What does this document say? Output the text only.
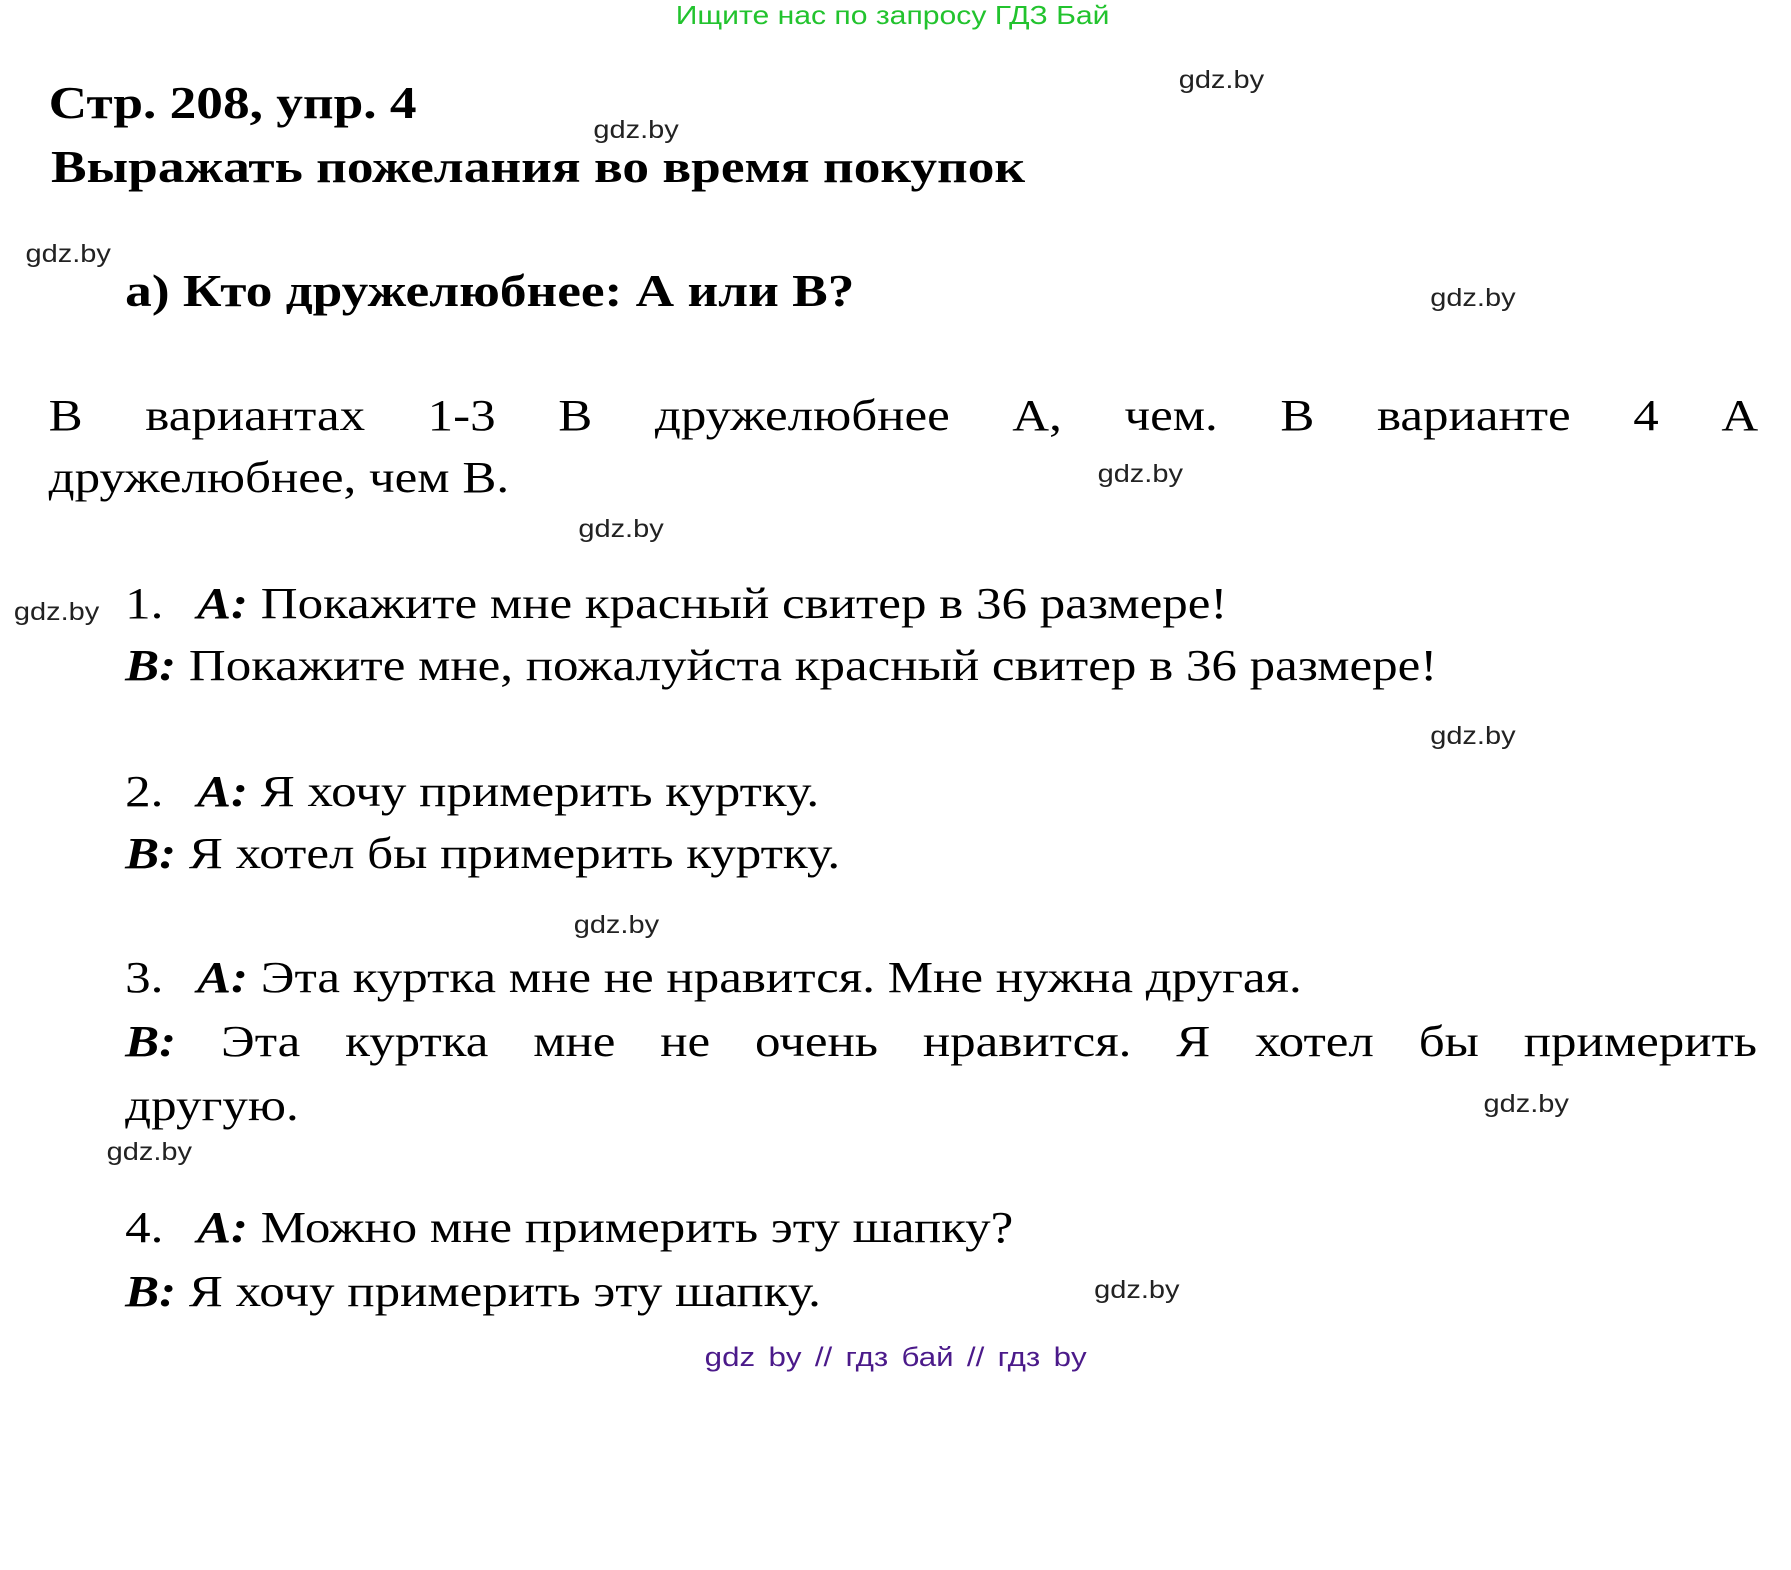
Ищите нас по запросу ГДЗ Бай
Стр. 208, упр. 4
Выражать пожелания во время покупок
а) Кто дружелюбнее: А или В?
В вариантах 1-3 В дружелюбнее А, чем. В варианте 4 А
дружелюбнее, чем В.
1. A: Покажите мне красный свитер в 36 размере!
B: Покажите мне, пожалуйста красный свитер в 36 размере!
2. A: Я хочу примерить куртку.
B: Я хотел бы примерить куртку.
3. A: Эта куртка мне не нравится. Мне нужна другая.
B: Эта куртка мне не очень нравится. Я хотел бы примерить
другую.
4. A: Можно мне примерить эту шапку?
B: Я хочу примерить эту шапку.
gdz.by
gdz.by
gdz.by
gdz.by
gdz.by
gdz.by
gdz.by
gdz.by
gdz.by
gdz.by
gdz.by
gdz.by
gdz by // гдз бай // гдз by
